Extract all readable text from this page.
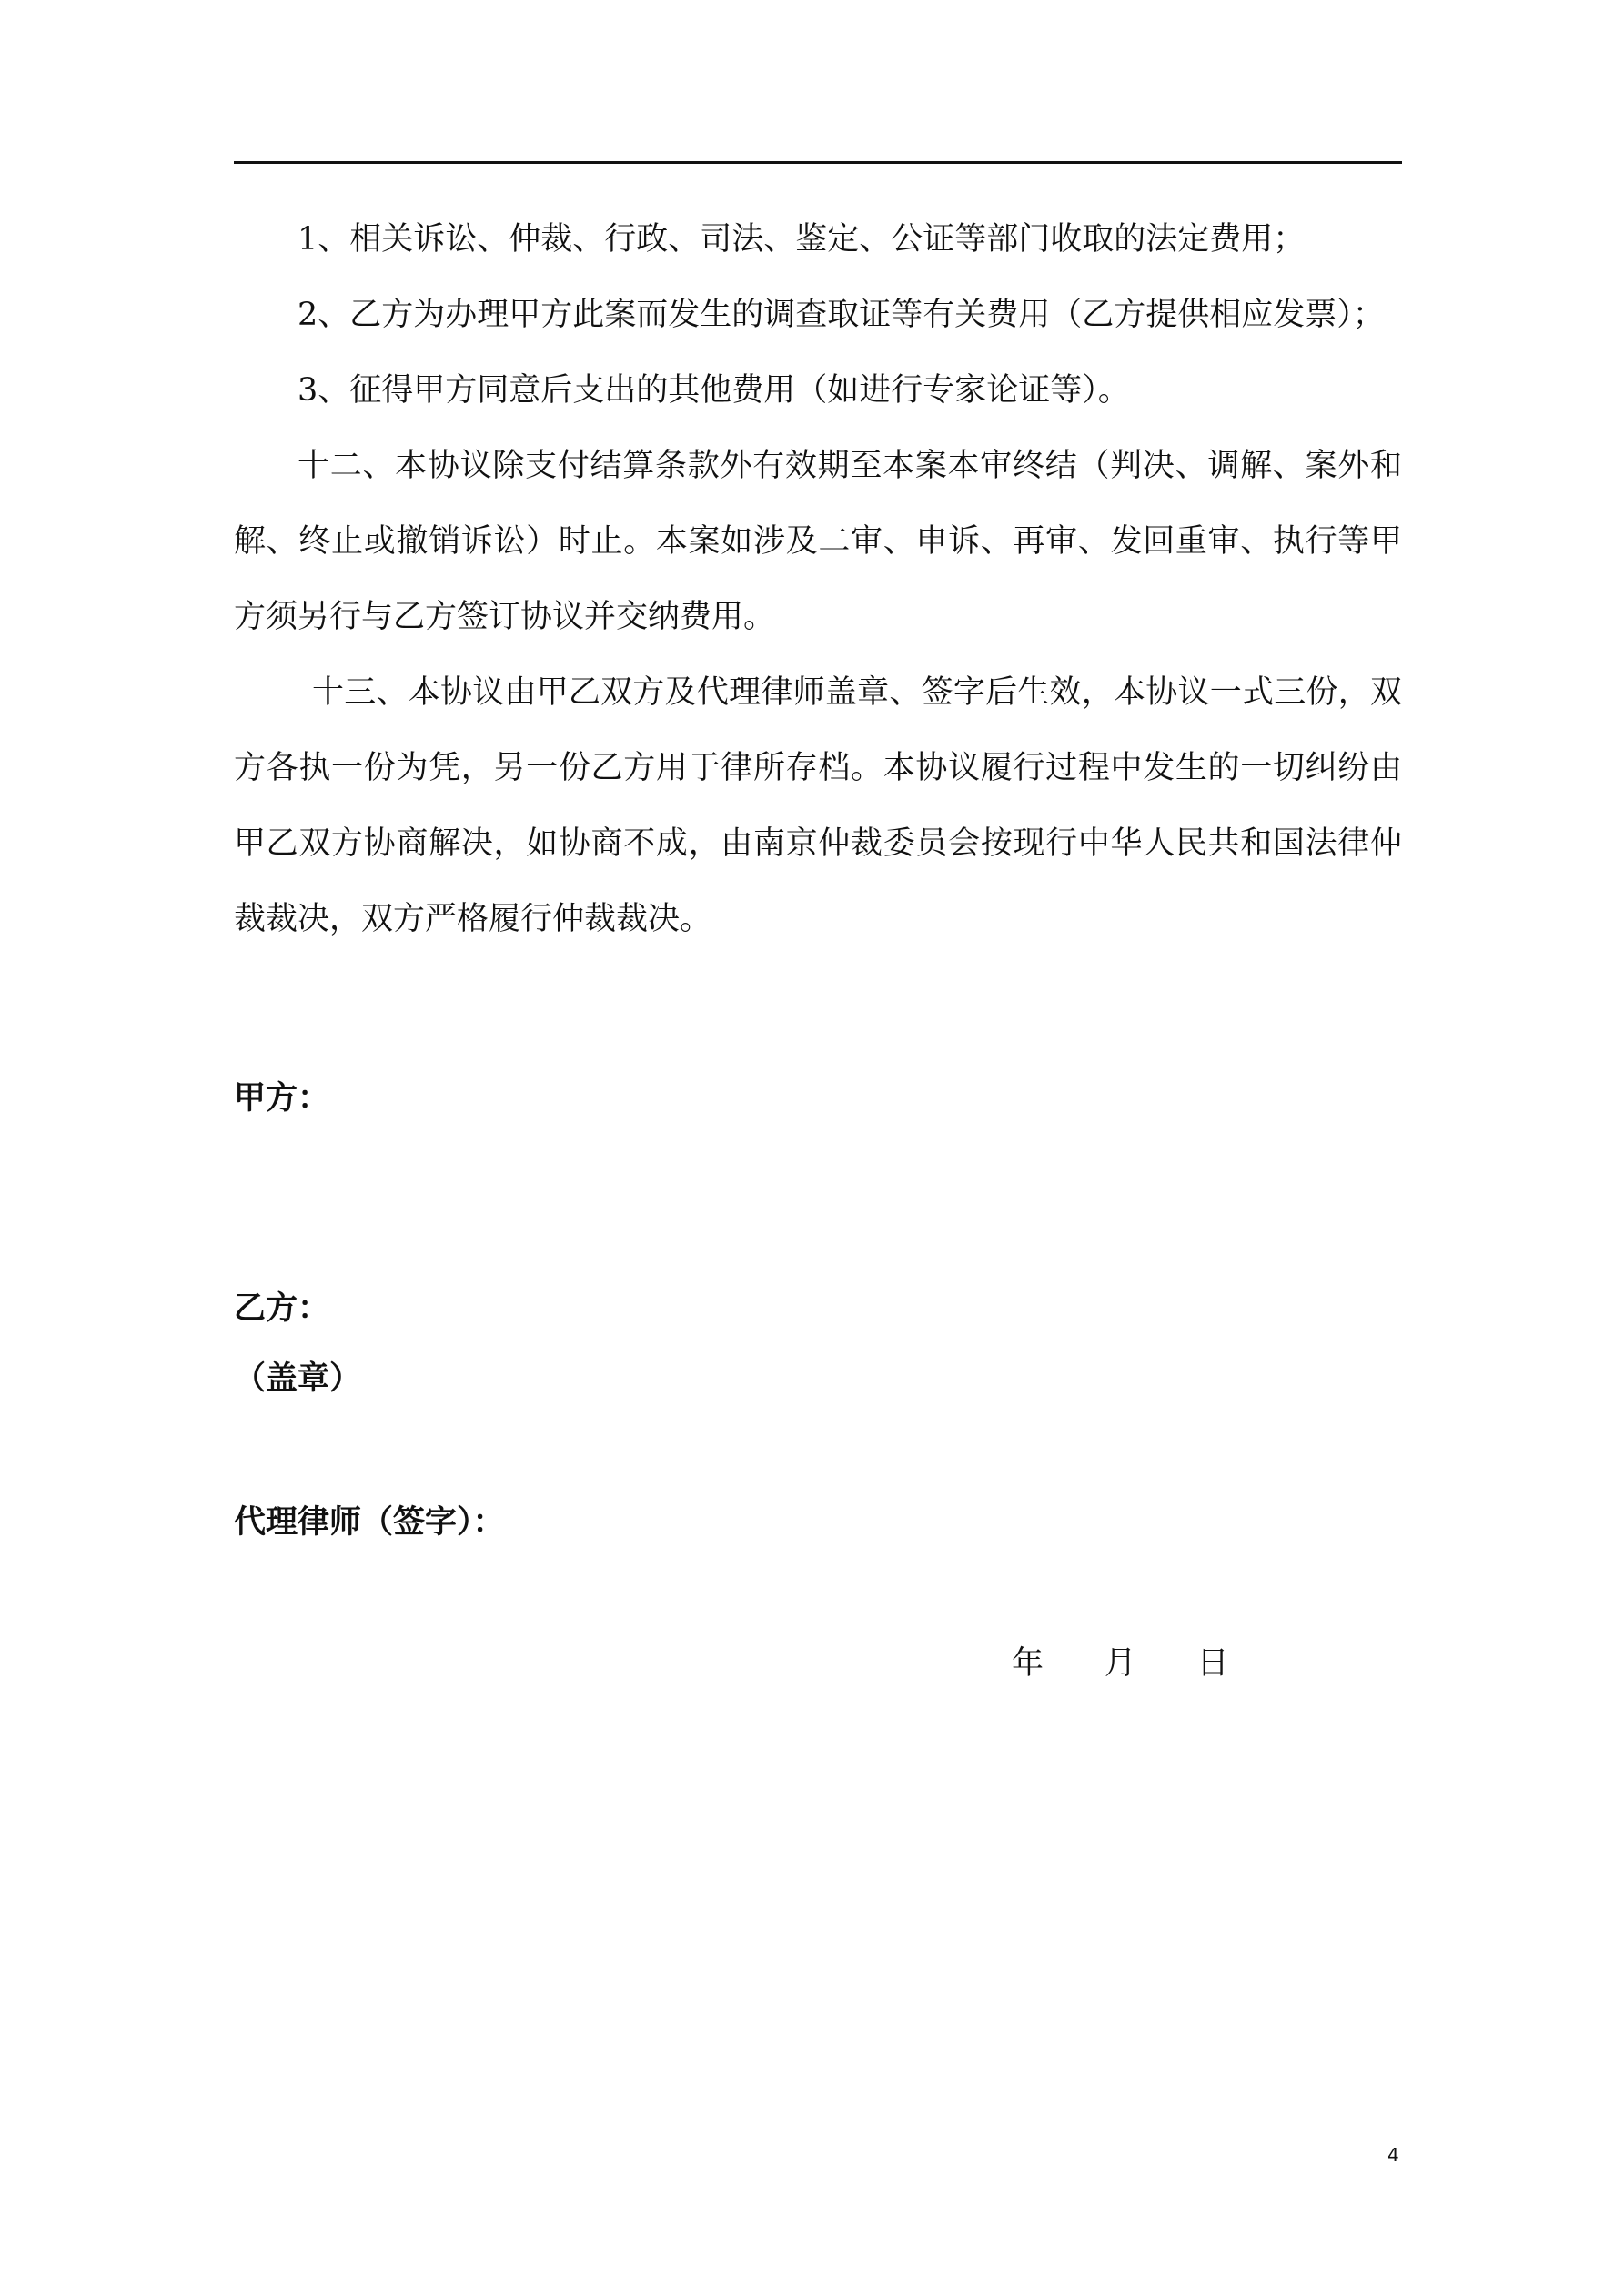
1、相关诉讼、仲裁、行政、司法、鉴定、公证等部门收取的法定费用；

2、乙方为办理甲方此案而发生的调查取证等有关费用（乙方提供相应发票）；

3、征得甲方同意后支出的其他费用（如进行专家论证等）。

十二、本协议除支付结算条款外有效期至本案本审终结（判决、调解、案外和解、终止或撤销诉讼）时止。本案如涉及二审、申诉、再审、发回重审、执行等甲方须另行与乙方签订协议并交纳费用。

十三、本协议由甲乙双方及代理律师盖章、签字后生效，本协议一式三份，双方各执一份为凭，另一份乙方用于律所存档。本协议履行过程中发生的一切纠纷由甲乙双方协商解决，如协商不成，由南京仲裁委员会按现行中华人民共和国法律仲裁裁决，双方严格履行仲裁裁决。

甲方：

乙方：

（盖章）

代理律师（签字）：

年 月 日
4
